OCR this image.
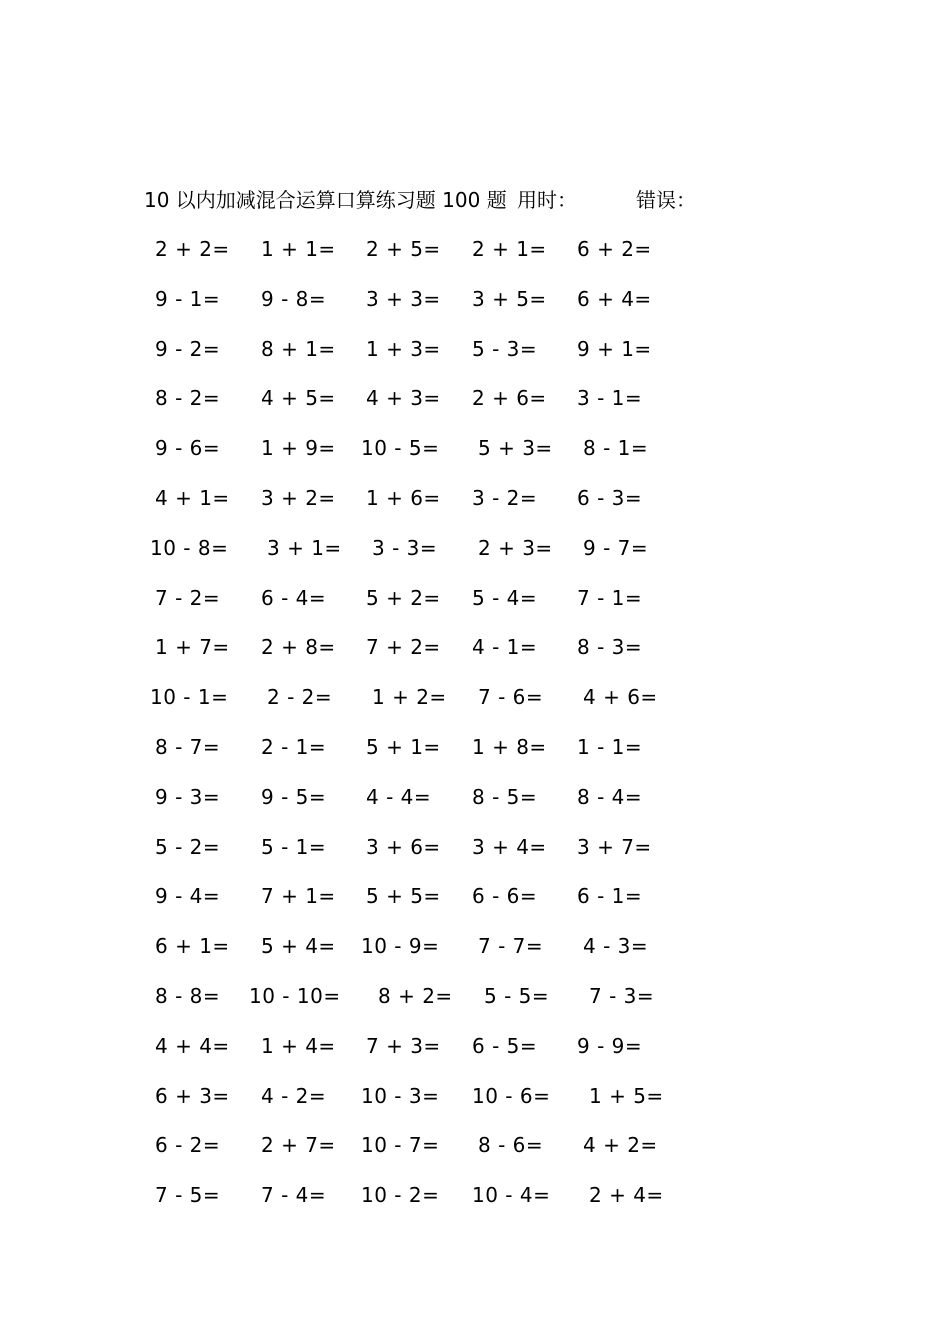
10 以内加减混合运算口算练习题 100 题 用时：	错误：
2 + 2= 1 + 1= 2 + 5= 2 + 1= 6 + 2=
9 - 1= 9 - 8= 3 + 3= 3 + 5= 6 + 4=
9 - 2= 8 + 1= 1 + 3= 5 - 3= 9 + 1=
8 - 2= 4 + 5= 4 + 3= 2 + 6= 3 - 1=
9 - 6= 1 + 9= 10 - 5= 5 + 3= 8 - 1=
4 + 1= 3 + 2= 1 + 6= 3 - 2= 6 - 3=
10 - 8= 3 + 1= 3 - 3= 2 + 3= 9 - 7=
7 - 2= 6 - 4= 5 + 2= 5 - 4= 7 - 1=
1 + 7= 2 + 8= 7 + 2= 4 - 1= 8 - 3=
10 - 1= 2 - 2= 1 + 2= 7 - 6= 4 + 6=
8 - 7= 2 - 1= 5 + 1= 1 + 8= 1 - 1=
9 - 3= 9 - 5= 4 - 4= 8 - 5= 8 - 4=
5 - 2= 5 - 1= 3 + 6= 3 + 4= 3 + 7=
9 - 4= 7 + 1= 5 + 5= 6 - 6= 6 - 1=
6 + 1= 5 + 4= 10 - 9= 7 - 7= 4 - 3=
8 - 8= 10 - 10= 8 + 2= 5 - 5= 7 - 3=
4 + 4= 1 + 4= 7 + 3= 6 - 5= 9 - 9=
6 + 3= 4 - 2= 10 - 3= 10 - 6= 1 + 5=
6 - 2= 2 + 7= 10 - 7= 8 - 6= 4 + 2=
7 - 5= 7 - 4= 10 - 2= 10 - 4= 2 + 4=
